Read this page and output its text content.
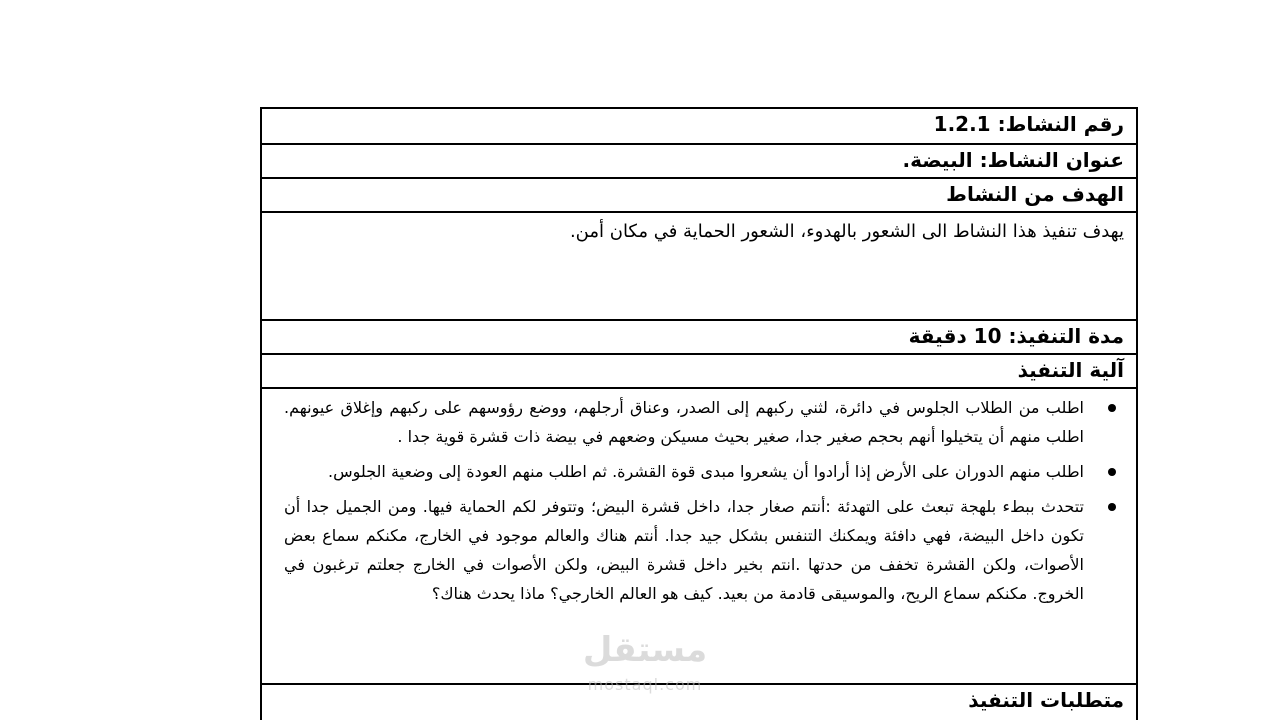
رقم النشاط: 1.2.1

عنوان النشاط: البيضة.

الهدف من النشاط

يهدف تنفيذ هذا النشاط الى الشعور بالهدوء، الشعور الحماية في مكان أمن.

مدة التنفيذ: 10 دقيقة

آلية التنفيذ

اطلب من الطلاب الجلوس في دائرة، لثني ركبهم إلى الصدر، وعناق أرجلهم، ووضع رؤوسهم على ركبهم وإغلاق عيونهم. اطلب منهم أن يتخيلوا أنهم بحجم صغير جدا، صغير بحيث مسيكن وضعهم في بيضة ذات قشرة قوية جدا .
اطلب منهم الدوران على الأرض إذا أرادوا أن يشعروا مبدى قوة القشرة. ثم اطلب منهم العودة إلى وضعية الجلوس.
تتحدث ببطء بلهجة تبعث على التهدئة :أنتم صغار جدا، داخل قشرة البيض؛ وتتوفر لكم الحماية فيها. ومن الجميل جدا أن تكون داخل البيضة، فهي دافئة ويمكنك التنفس بشكل جيد جدا. أنتم هناك والعالم موجود في الخارج، مكنكم سماع بعض الأصوات، ولكن القشرة تخفف من حدتها .انتم بخير داخل قشرة البيض، ولكن الأصوات في الخارج جعلتم ترغبون في الخروج. مكنكم سماع الريح، والموسيقى قادمة من بعيد. كيف هو العالم الخارجي؟ ماذا يحدث هناك؟

متطلبات التنفيذ
مستقل
mostaql.com
